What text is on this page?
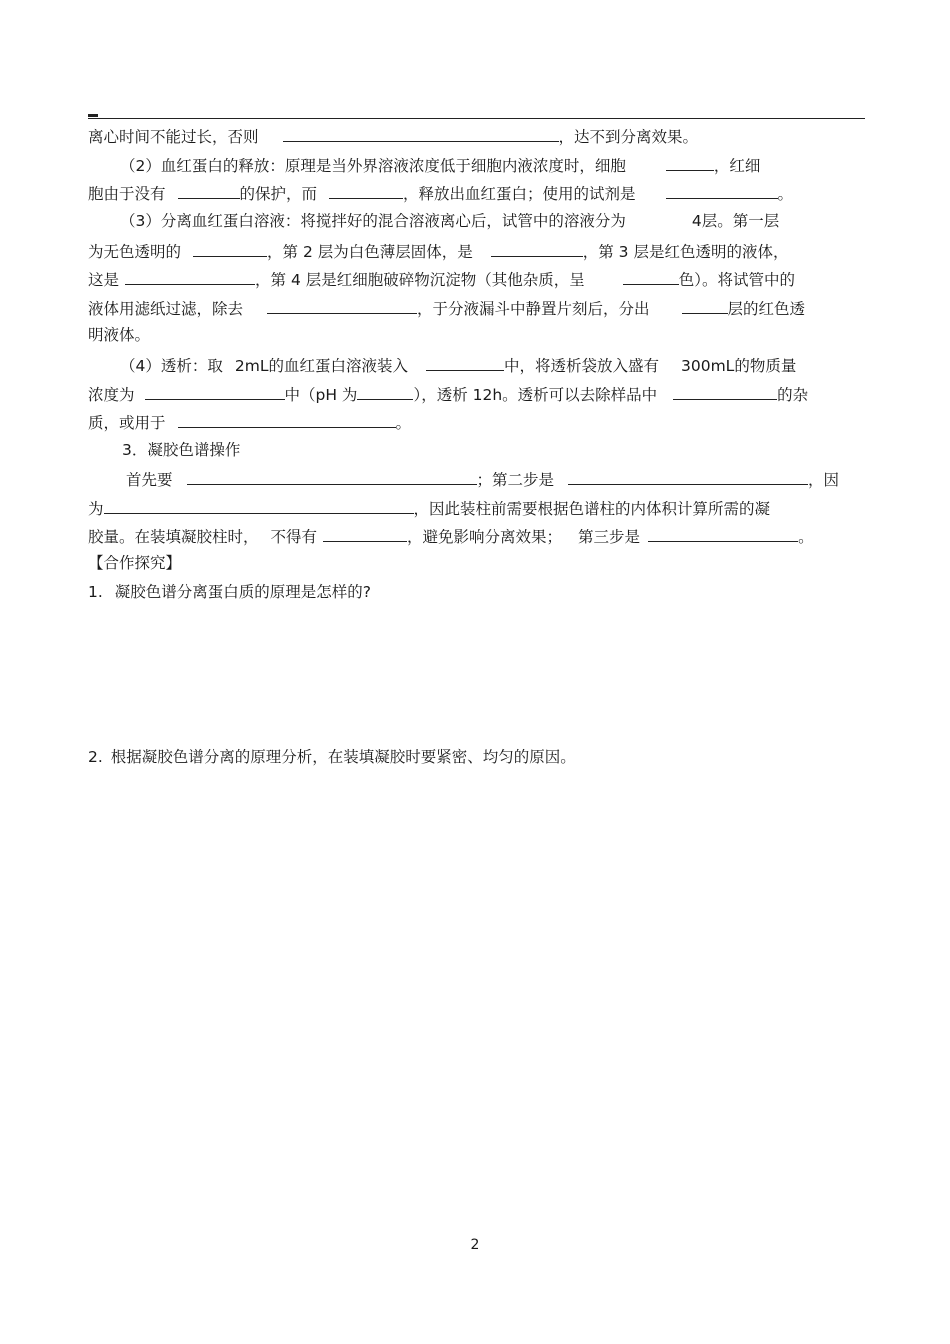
离心时间不能过长，否则	，达不到分离效果。
（2）血红蛋白的释放：原理是当外界溶液浓度低于细胞内液浓度时，细胞	，红细
胞由于没有	的保护，而	，释放出血红蛋白；使用的试剂是	。
（3）分离血红蛋白溶液：将搅拌好的混合溶液离心后，试管中的溶液分为	4层。第一层
为无色透明的	，第 2 层为白色薄层固体，是	，第 3 层是红色透明的液体，
这是	，第 4 层是红细胞破碎物沉淀物（其他杂质，呈	色）。将试管中的
液体用滤纸过滤，除去	，于分液漏斗中静置片刻后，分出	层的红色透
明液体。
（4）透析：取 2mL的血红蛋白溶液装入	中，将透析袋放入盛有 300mL的物质量
浓度为	中（pH 为	），透析 12h。透析可以去除样品中	的杂
质，或用于	。
3．凝胶色谱操作
首先要	；第二步是	，因
为	，因此装柱前需要根据色谱柱的内体积计算所需的凝
胶量。在装填凝胶柱时， 不得有	，避免影响分离效果； 第三步是	。
【合作探究】
1. 凝胶色谱分离蛋白质的原理是怎样的?
2. 根据凝胶色谱分离的原理分析，在装填凝胶时要紧密、均匀的原因。
2
